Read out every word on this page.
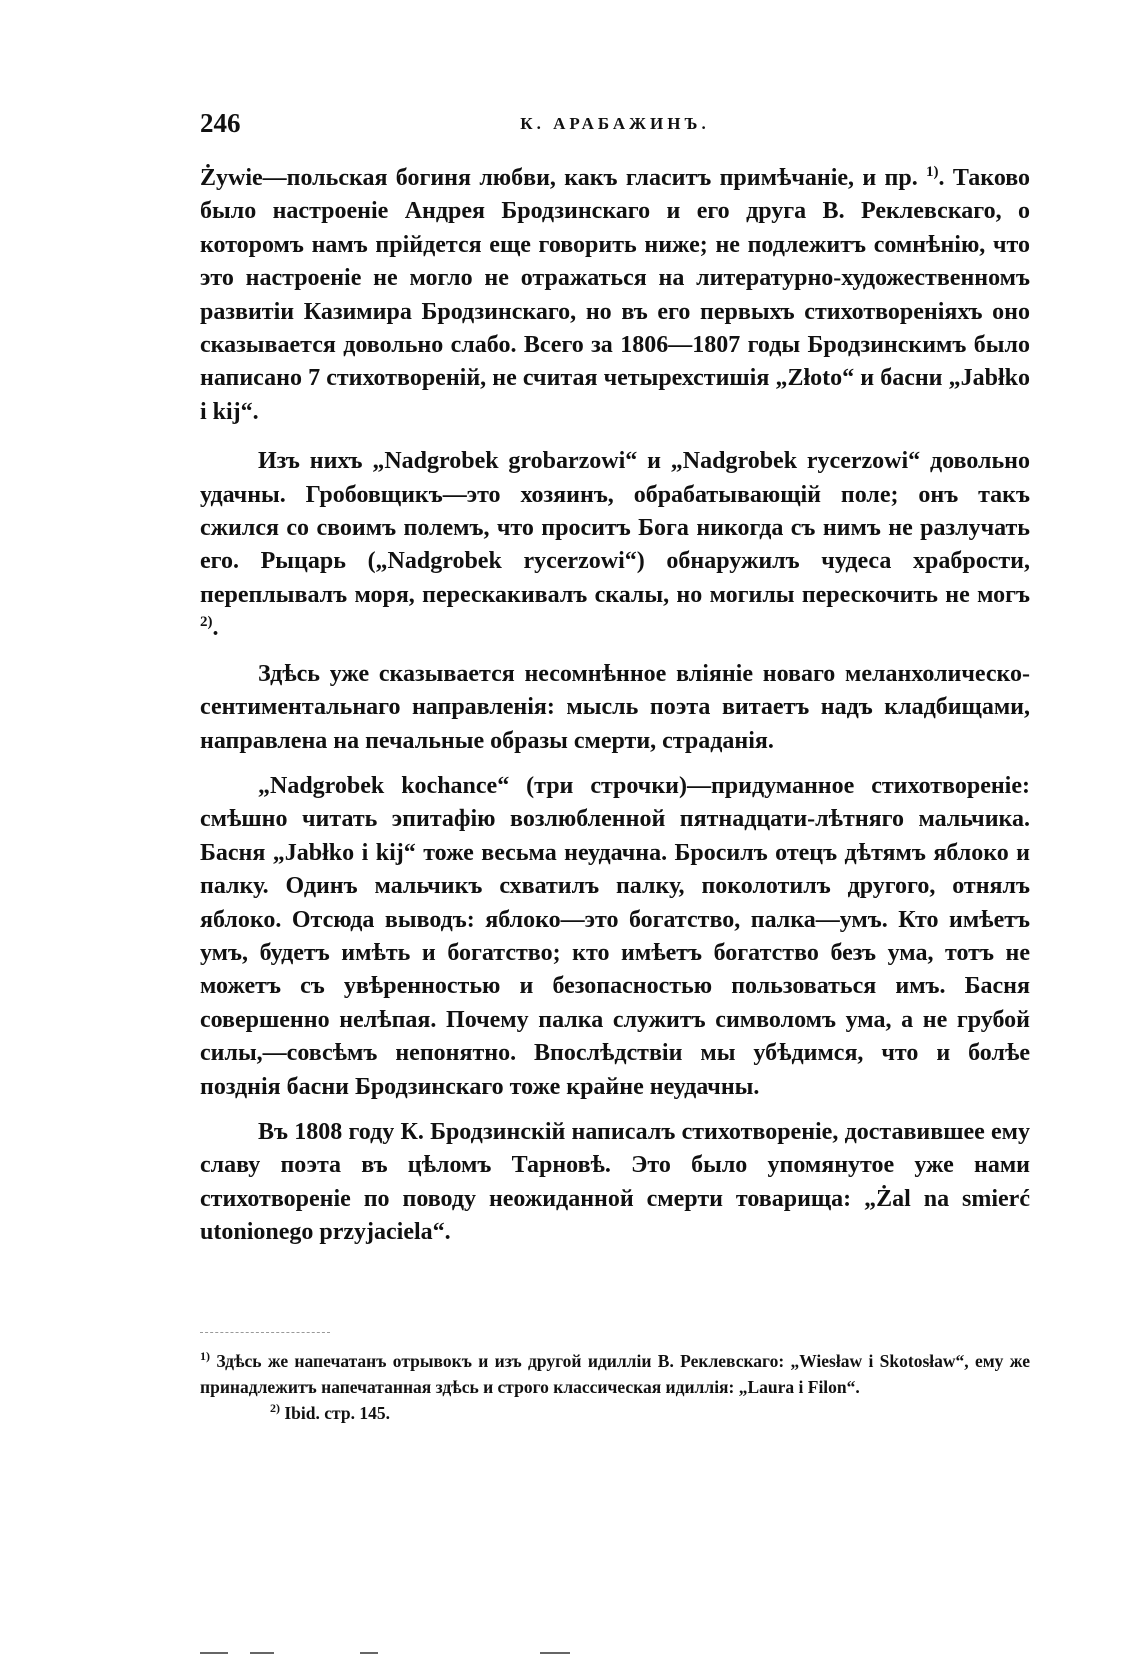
246	К. АРАБАЖИНЪ.

Żywie—польская богиня любви, какъ гласитъ примѣчаніе, и пр. $^{1)}$. Таково было настроеніе Андрея Бродзинскаго и его друга В. Реклевскаго, о которомъ намъ прійдется еще говорить ниже; не подлежитъ сомнѣнію, что это настроеніе не могло не отражаться на литературно-художественномъ развитіи Казимира Бродзинскаго, но въ его первыхъ стихотвореніяхъ оно сказывается довольно слабо. Всего за 1806—1807 годы Бродзинскимъ было написано 7 стихотвореній, не считая четырехстишія „Złoto“ и басни „Jabłko i kij“.

Изъ нихъ „Nadgrobek grobarzowi“ и „Nadgrobek rycerzowi“ довольно удачны. Гробовщикъ—это хозяинъ, обрабатывающій поле; онъ такъ сжился со своимъ полемъ, что проситъ Бога никогда съ нимъ не разлучать его. Рыцарь („Nadgrobek rycerzowi“) обнаружилъ чудеса храбрости, переплывалъ моря, перескакивалъ скалы, но могилы перескочить не могъ $^{2)}$.

Здѣсь уже сказывается несомнѣнное вліяніе новаго меланхолическо-сентиментальнаго направленія: мысль поэта витаетъ надъ кладбищами, направлена на печальные образы смерти, страданія.

„Nadgrobek kochance“ (три строчки)—придуманное стихотвореніе: смѣшно читать эпитафію возлюбленной пятнадцати-лѣтняго мальчика. Басня „Jabłko i kij“ тоже весьма неудачна. Бросилъ отецъ дѣтямъ яблоко и палку. Одинъ мальчикъ схватилъ палку, поколотилъ другого, отнялъ яблоко. Отсюда выводъ: яблоко—это богатство, палка—умъ. Кто имѣетъ умъ, будетъ имѣть и богатство; кто имѣетъ богатство безъ ума, тотъ не можетъ съ увѣренностью и безопасностью пользоваться имъ. Басня совершенно нелѣпая. Почему палка служитъ символомъ ума, а не грубой силы,—совсѣмъ непонятно. Впослѣдствіи мы убѣдимся, что и болѣе позднія басни Бродзинскаго тоже крайне неудачны.

Въ 1808 году К. Бродзинскій написалъ стихотвореніе, доставившее ему славу поэта въ цѣломъ Тарновѣ. Это было упомянутое уже нами стихотвореніе по поводу неожиданной смерти товарища: „Żal na smierć utonionego przyjaciela“.

$^{1)}$ Здѣсь же напечатанъ отрывокъ и изъ другой идилліи В. Реклевскаго: „Wiesław i Skotosław“, ему же принадлежитъ напечатанная здѣсь и строго классическая идиллія: „Laura i Filon“.

$^{2)}$ Ibid. стр. 145.
